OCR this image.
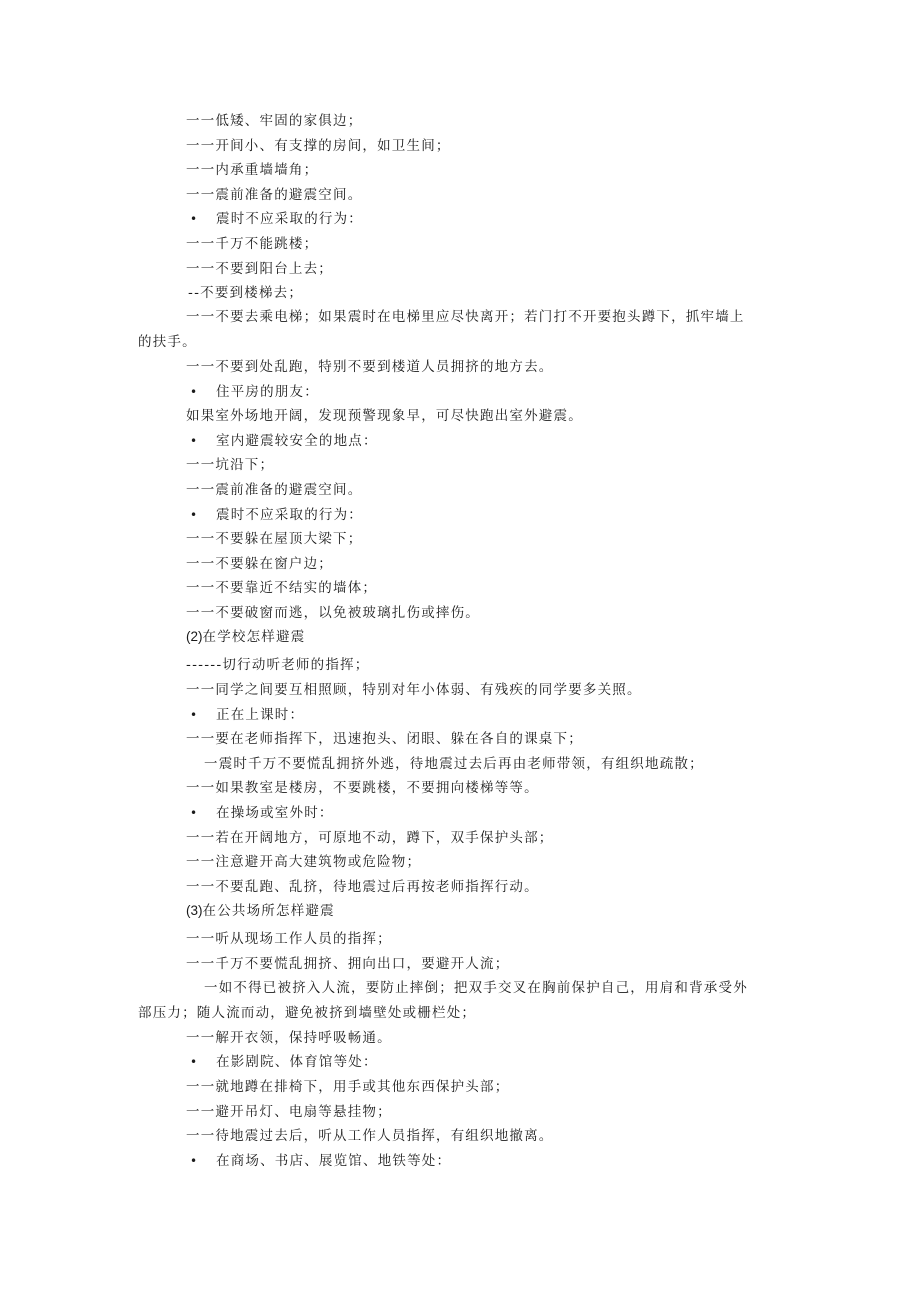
一一低矮、牢固的家俱边；
一一开间小、有支撑的房间，如卫生间；
一一内承重墙墙角；
一一震前准备的避震空间。
• 震时不应采取的行为：
一一千万不能跳楼；
一一不要到阳台上去；
--不要到楼梯去；
一一不要去乘电梯；如果震时在电梯里应尽快离开；若门打不开要抱头蹲下，抓牢墙上
的扶手。
一一不要到处乱跑，特别不要到楼道人员拥挤的地方去。
• 住平房的朋友：
如果室外场地开阔，发现预警现象早，可尽快跑出室外避震。
• 室内避震较安全的地点：
一一坑沿下；
一一震前准备的避震空间。
• 震时不应采取的行为：
一一不要躲在屋顶大梁下；
一一不要躲在窗户边；
一一不要靠近不结实的墙体；
一一不要破窗而逃，以免被玻璃扎伤或摔伤。
(2)在学校怎样避震
------切行动听老师的指挥；
一一同学之间要互相照顾，特别对年小体弱、有残疾的同学要多关照。
• 正在上课时：
一一要在老师指挥下，迅速抱头、闭眼、躲在各自的课桌下；
一震时千万不要慌乱拥挤外逃，待地震过去后再由老师带领，有组织地疏散；
一一如果教室是楼房，不要跳楼，不要拥向楼梯等等。
• 在操场或室外时：
一一若在开阔地方，可原地不动，蹲下，双手保护头部；
一一注意避开高大建筑物或危险物；
一一不要乱跑、乱挤，待地震过后再按老师指挥行动。
(3)在公共场所怎样避震
一一听从现场工作人员的指挥；
一一千万不要慌乱拥挤、拥向出口，要避开人流；
一如不得已被挤入人流，要防止摔倒；把双手交叉在胸前保护自己，用肩和背承受外
部压力；随人流而动，避免被挤到墙壁处或栅栏处；
一一解开衣领，保持呼吸畅通。
• 在影剧院、体育馆等处：
一一就地蹲在排椅下，用手或其他东西保护头部；
一一避开吊灯、电扇等悬挂物；
一一待地震过去后，听从工作人员指挥，有组织地撤离。
• 在商场、书店、展览馆、地铁等处：
